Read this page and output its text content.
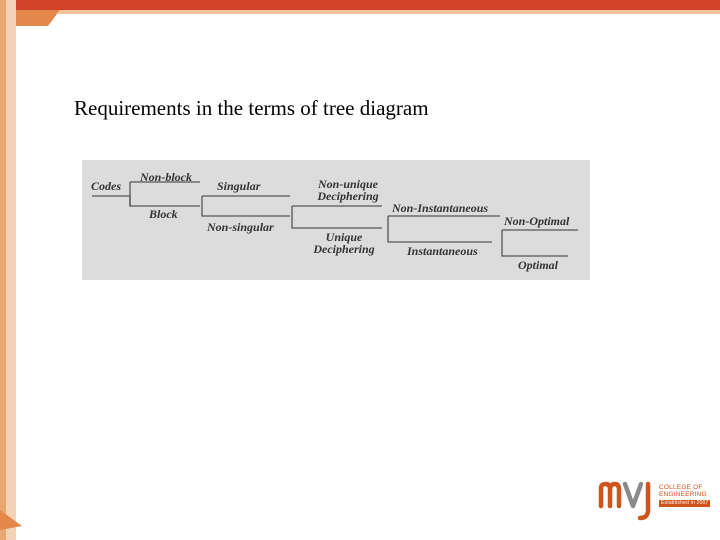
Requirements in the terms of tree diagram
Codes
Non-block
Block
Singular
Non-singular
Non-unique
Deciphering
Unique
Deciphering
Non-Instantaneous
Instantaneous
Non-Optimal
Optimal
COLLEGE OF
ENGINEERING
Established in 2007
